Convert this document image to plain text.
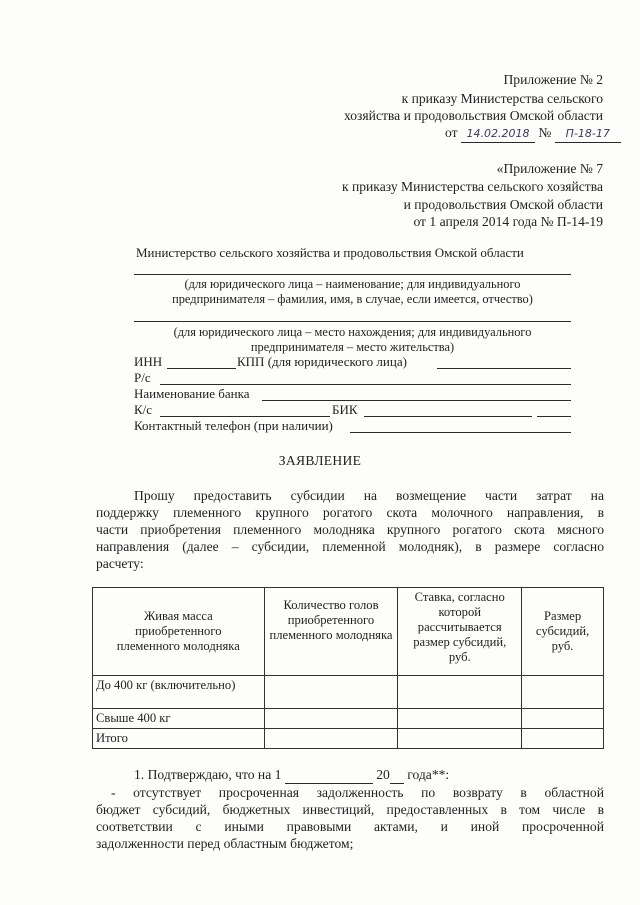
Приложение № 2
к приказу Министерства сельского
хозяйства и продовольствия Омской области
от 14.02.2018 № П-18-17
«Приложение № 7
к приказу Министерства сельского хозяйства
и продовольствия Омской области
от 1 апреля 2014 года № П-14-19
Министерство сельского хозяйства и продовольствия Омской области
(для юридического лица – наименование; для индивидуального
предпринимателя – фамилия, имя, в случае, если имеется, отчество)
(для юридического лица – место нахождения; для индивидуального
предпринимателя – место жительства)
ИНН	КПП (для юридического лица)
Р/с
Наименование банка
К/с	БИК
Контактный телефон (при наличии)
ЗАЯВЛЕНИЕ
Прошу предоставить субсидии на возмещение части затрат на
поддержку племенного крупного рогатого скота молочного направления, в
части приобретения племенного молодняка крупного рогатого скота мясного
направления (далее – субсидии, племенной молодняк), в размере согласно
расчету:
Живая масса приобретенного племенного молодняка	Количество голов приобретенного племенного молодняка	Ставка, согласно которой рассчитывается размер субсидий, руб.	Размер субсидий, руб.
До 400 кг (включительно)			
Свыше 400 кг			
Итого			
1. Подтверждаю, что на 1	20 года**:
- отсутствует просроченная задолженность по возврату в областной
бюджет субсидий, бюджетных инвестиций, предоставленных в том числе в
соответствии с иными правовыми актами, и иной просроченной
задолженности перед областным бюджетом;
